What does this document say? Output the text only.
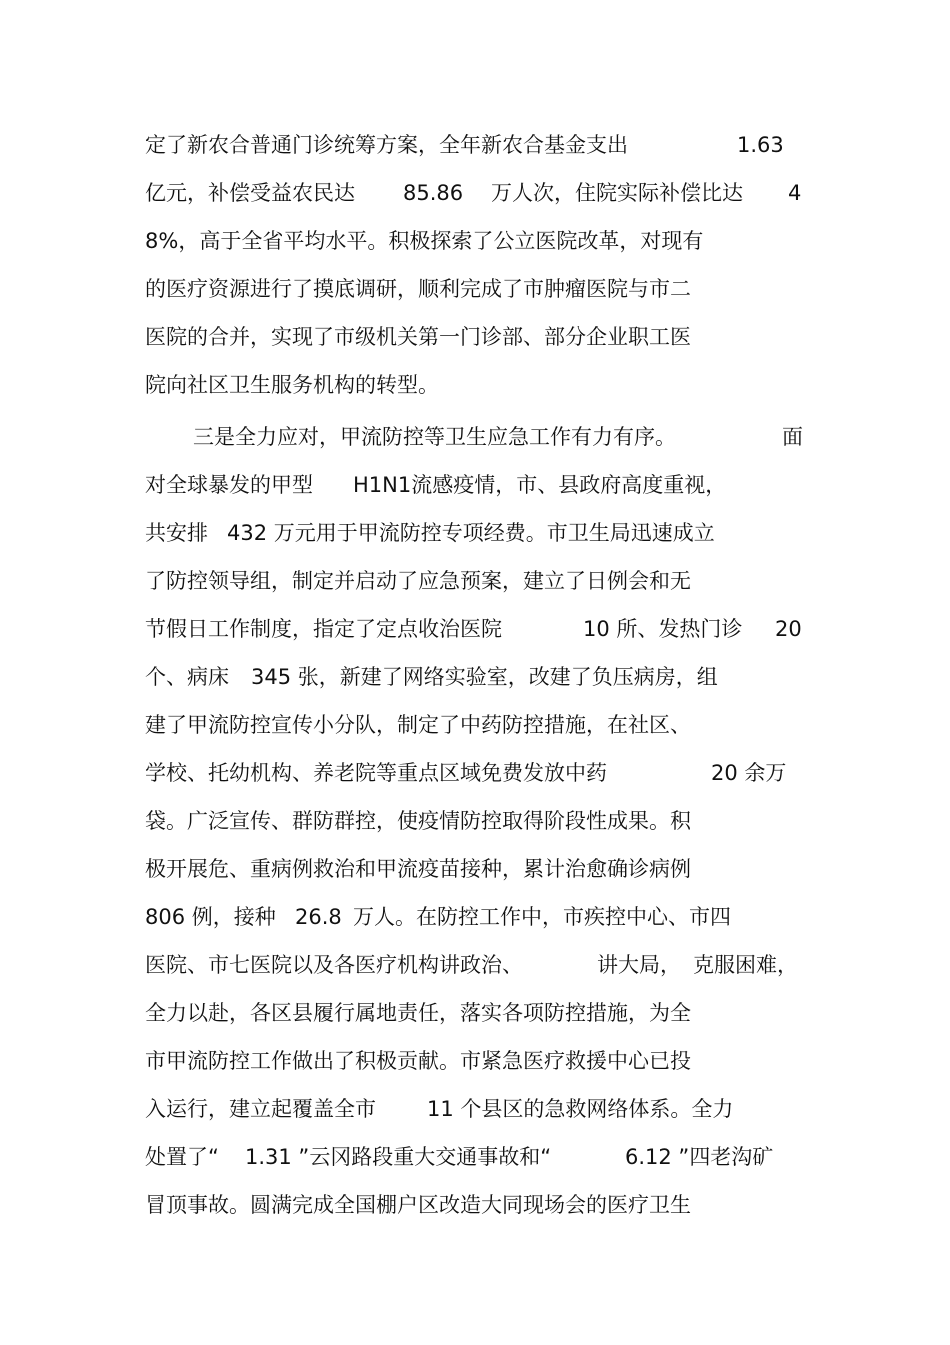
定了新农合普通门诊统筹方案，全年新农合基金支出	1.63
亿元，补偿受益农民达 85.86 万人次，住院实际补偿比达 4
8%，高于全省平均水平。积极探索了公立医院改革，对现有
的医疗资源进行了摸底调研，顺利完成了市肿瘤医院与市二
医院的合并，实现了市级机关第一门诊部、部分企业职工医
院向社区卫生服务机构的转型。
三是全力应对，甲流防控等卫生应急工作有力有序。	面
对全球暴发的甲型 H1N1流感疫情，市、县政府高度重视，
共安排 432 万元用于甲流防控专项经费。市卫生局迅速成立
了防控领导组，制定并启动了应急预案，建立了日例会和无
节假日工作制度，指定了定点收治医院	10 所、发热门诊 20
个、病床 345 张，新建了网络实验室，改建了负压病房，组
建了甲流防控宣传小分队，制定了中药防控措施，在社区、
学校、托幼机构、养老院等重点区域免费发放中药	20 余万
袋。广泛宣传、群防群控，使疫情防控取得阶段性成果。积
极开展危、重病例救治和甲流疫苗接种，累计治愈确诊病例
806 例，接种 26.8 万人。在防控工作中，市疾控中心、市四
医院、市七医院以及各医疗机构讲政治、	讲大局， 克服困难，
全力以赴，各区县履行属地责任，落实各项防控措施，为全
市甲流防控工作做出了积极贡献。市紧急医疗救援中心已投
入运行，建立起覆盖全市 11 个县区的急救网络体系。全力
处置了“ 1.31 ”云冈路段重大交通事故和“	6.12 ”四老沟矿
冒顶事故。圆满完成全国棚户区改造大同现场会的医疗卫生
